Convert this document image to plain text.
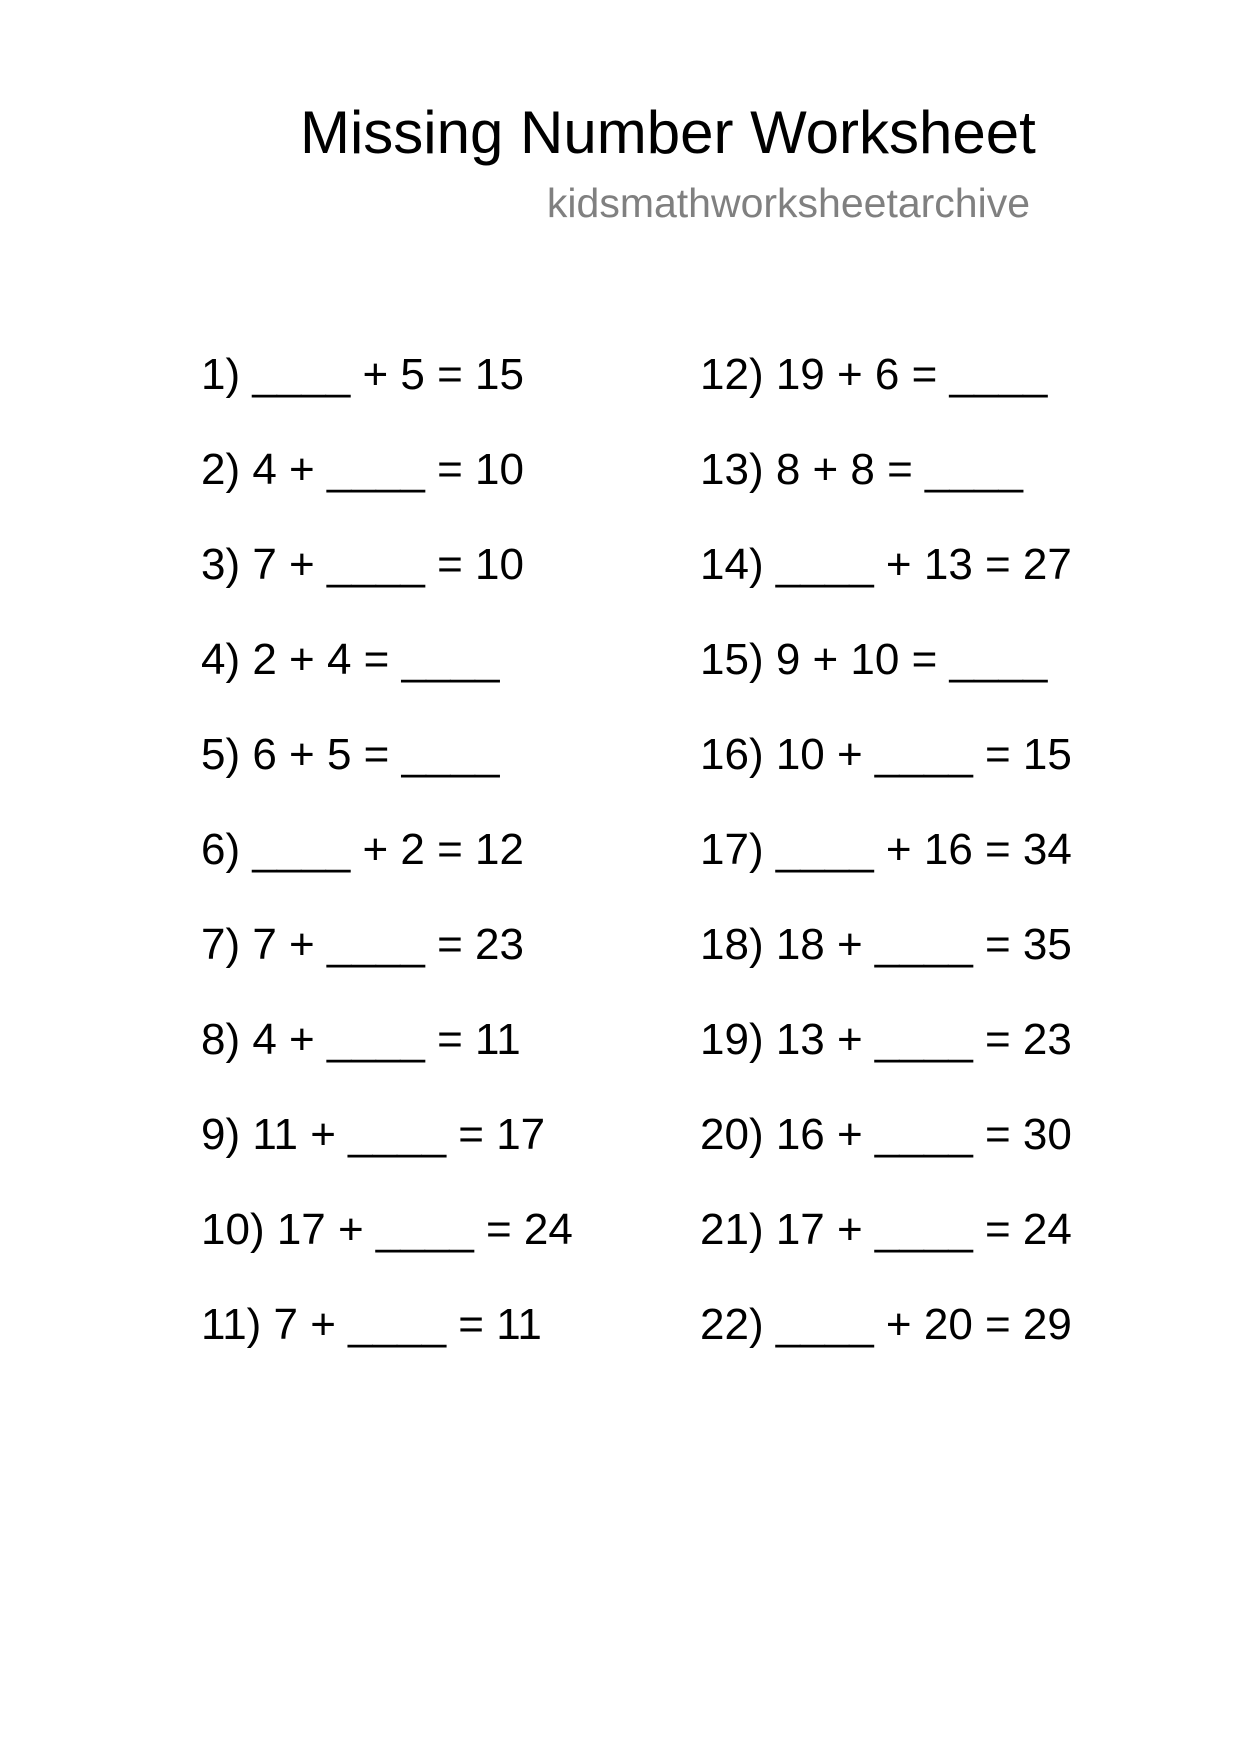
Missing Number Worksheet
kidsmathworksheetarchive
1) ____ + 5 = 15
2) 4 + ____ = 10
3) 7 + ____ = 10
4) 2 + 4 = ____
5) 6 + 5 = ____
6) ____ + 2 = 12
7) 7 + ____ = 23
8) 4 + ____ = 11
9) 11 + ____ = 17
10) 17 + ____ = 24
11) 7 + ____ = 11
12) 19 + 6 = ____
13) 8 + 8 = ____
14) ____ + 13 = 27
15) 9 + 10 = ____
16) 10 + ____ = 15
17) ____ + 16 = 34
18) 18 + ____ = 35
19) 13 + ____ = 23
20) 16 + ____ = 30
21) 17 + ____ = 24
22) ____ + 20 = 29
